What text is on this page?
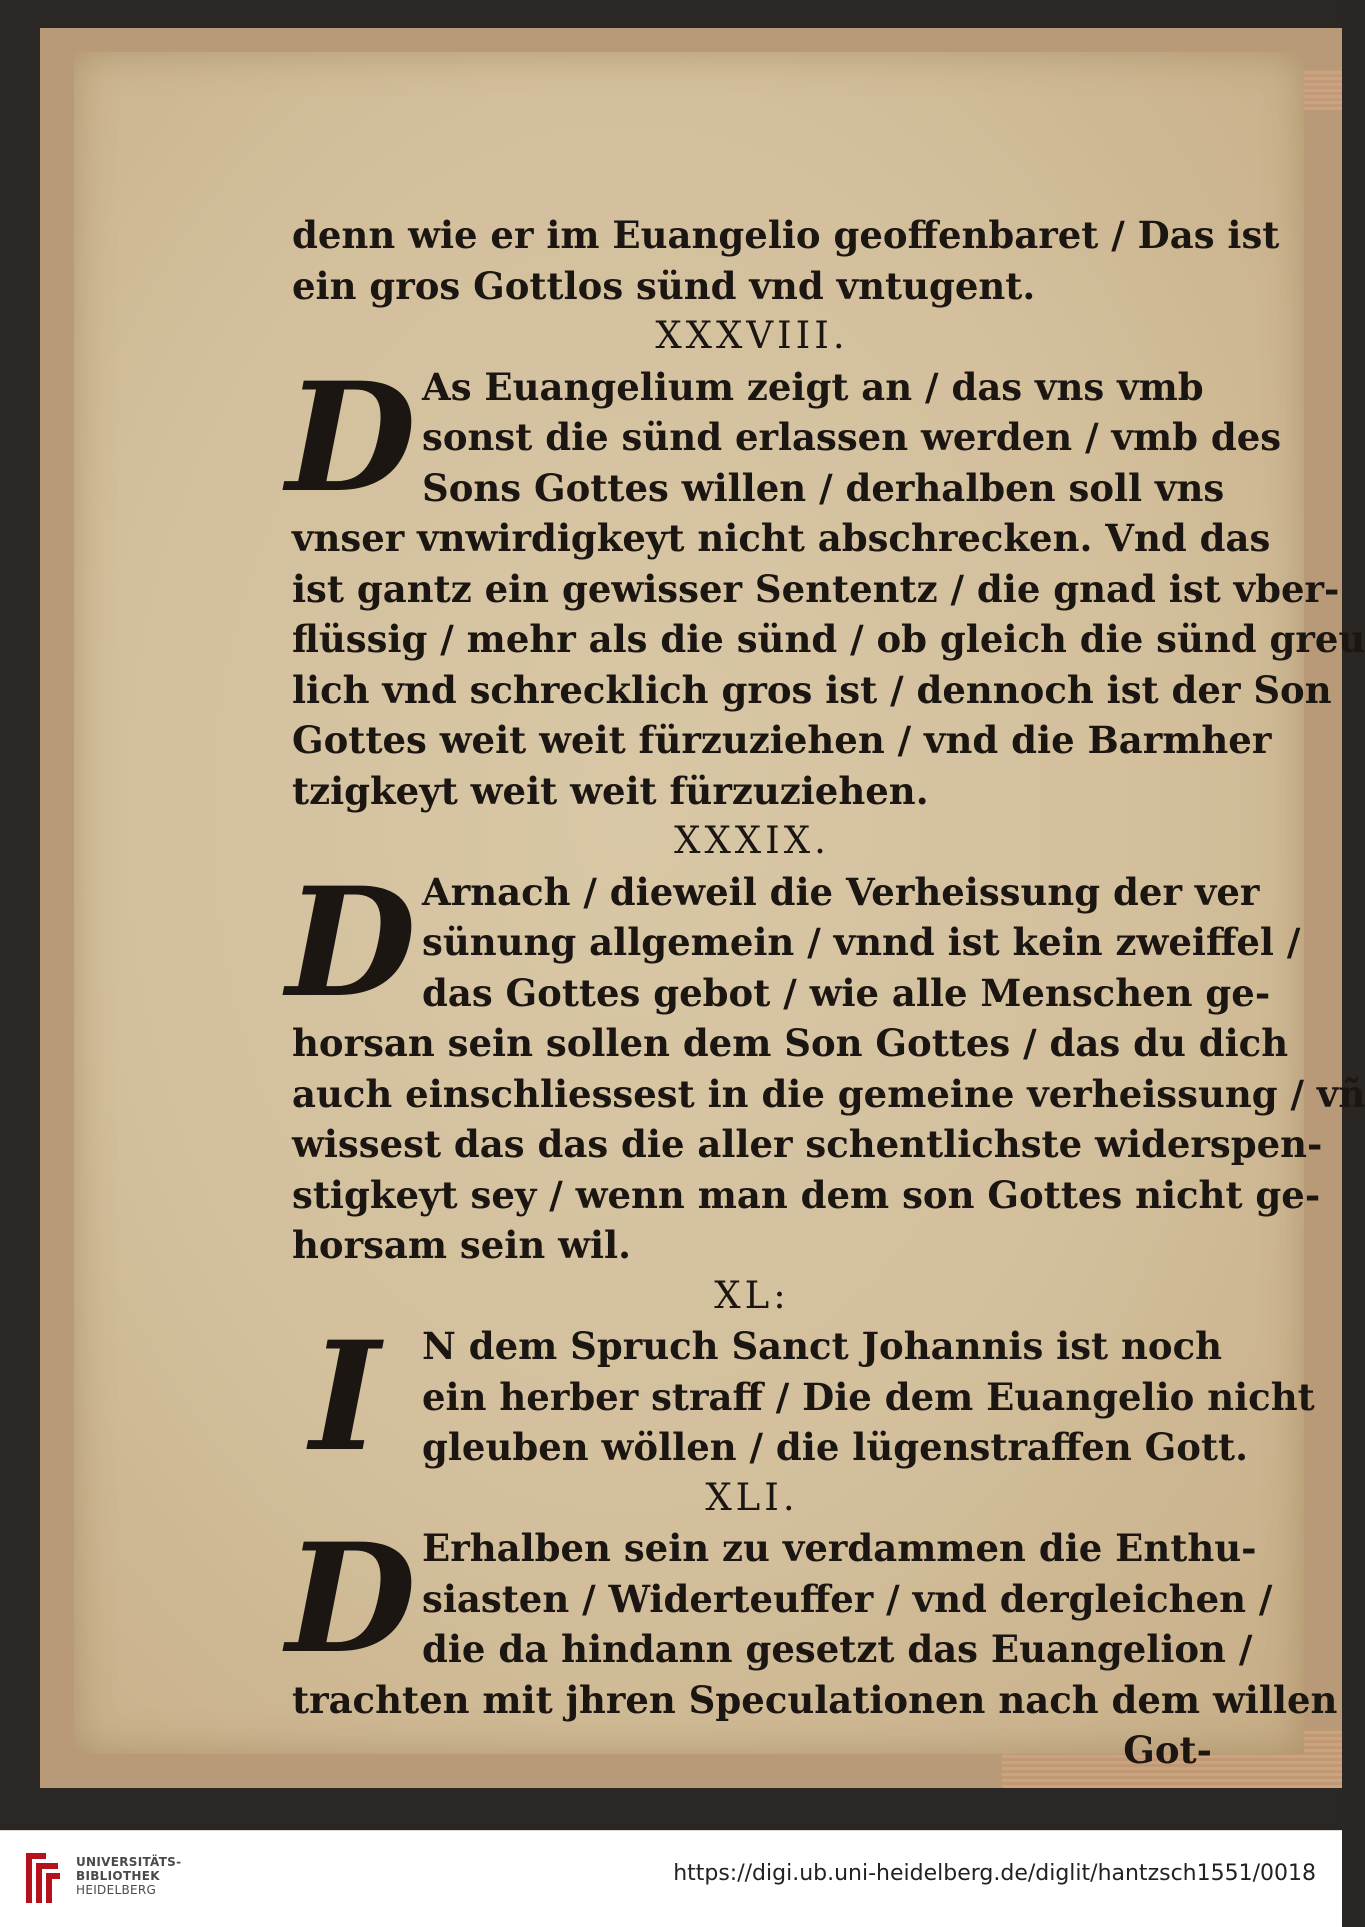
denn wie er im Euangelio geoffenbaret / Das ist
ein gros Gottlos sünd vnd vntugent.
XXXVIII.
D As Euangelium zeigt an / das vns vmb
sonst die sünd erlassen werden / vmb des
Sons Gottes willen / derhalben soll vns
vnser vnwirdigkeyt nicht abschrecken. Vnd das
ist gantz ein gewisser Sententz / die gnad ist vber-
flüssig / mehr als die sünd / ob gleich die sünd greu
lich vnd schrecklich gros ist / dennoch ist der Son
Gottes weit weit fürzuziehen / vnd die Barmher
tzigkeyt weit weit fürzuziehen.
XXXIX.
D Arnach / dieweil die Verheissung der ver
sünung allgemein / vnnd ist kein zweiffel /
das Gottes gebot / wie alle Menschen ge-
horsan sein sollen dem Son Gottes / das du dich
auch einschliessest in die gemeine verheissung / vñ
wissest das das die aller schentlichste widerspen-
stigkeyt sey / wenn man dem son Gottes nicht ge-
horsam sein wil.
XL:
I	N dem Spruch Sanct Johannis ist noch
ein herber straff / Die dem Euangelio nicht
gleuben wöllen / die lügenstraffen Gott.
XLI.
D Erhalben sein zu verdammen die Enthu-
siasten / Widerteuffer / vnd dergleichen /
die da hindann gesetzt das Euangelion /
trachten mit jhren Speculationen nach dem willen
Got-
UNIVERSITÄTS-
BIBLIOTHEK
HEIDELBERG
https://digi.ub.uni-heidelberg.de/diglit/hantzsch1551/0018
